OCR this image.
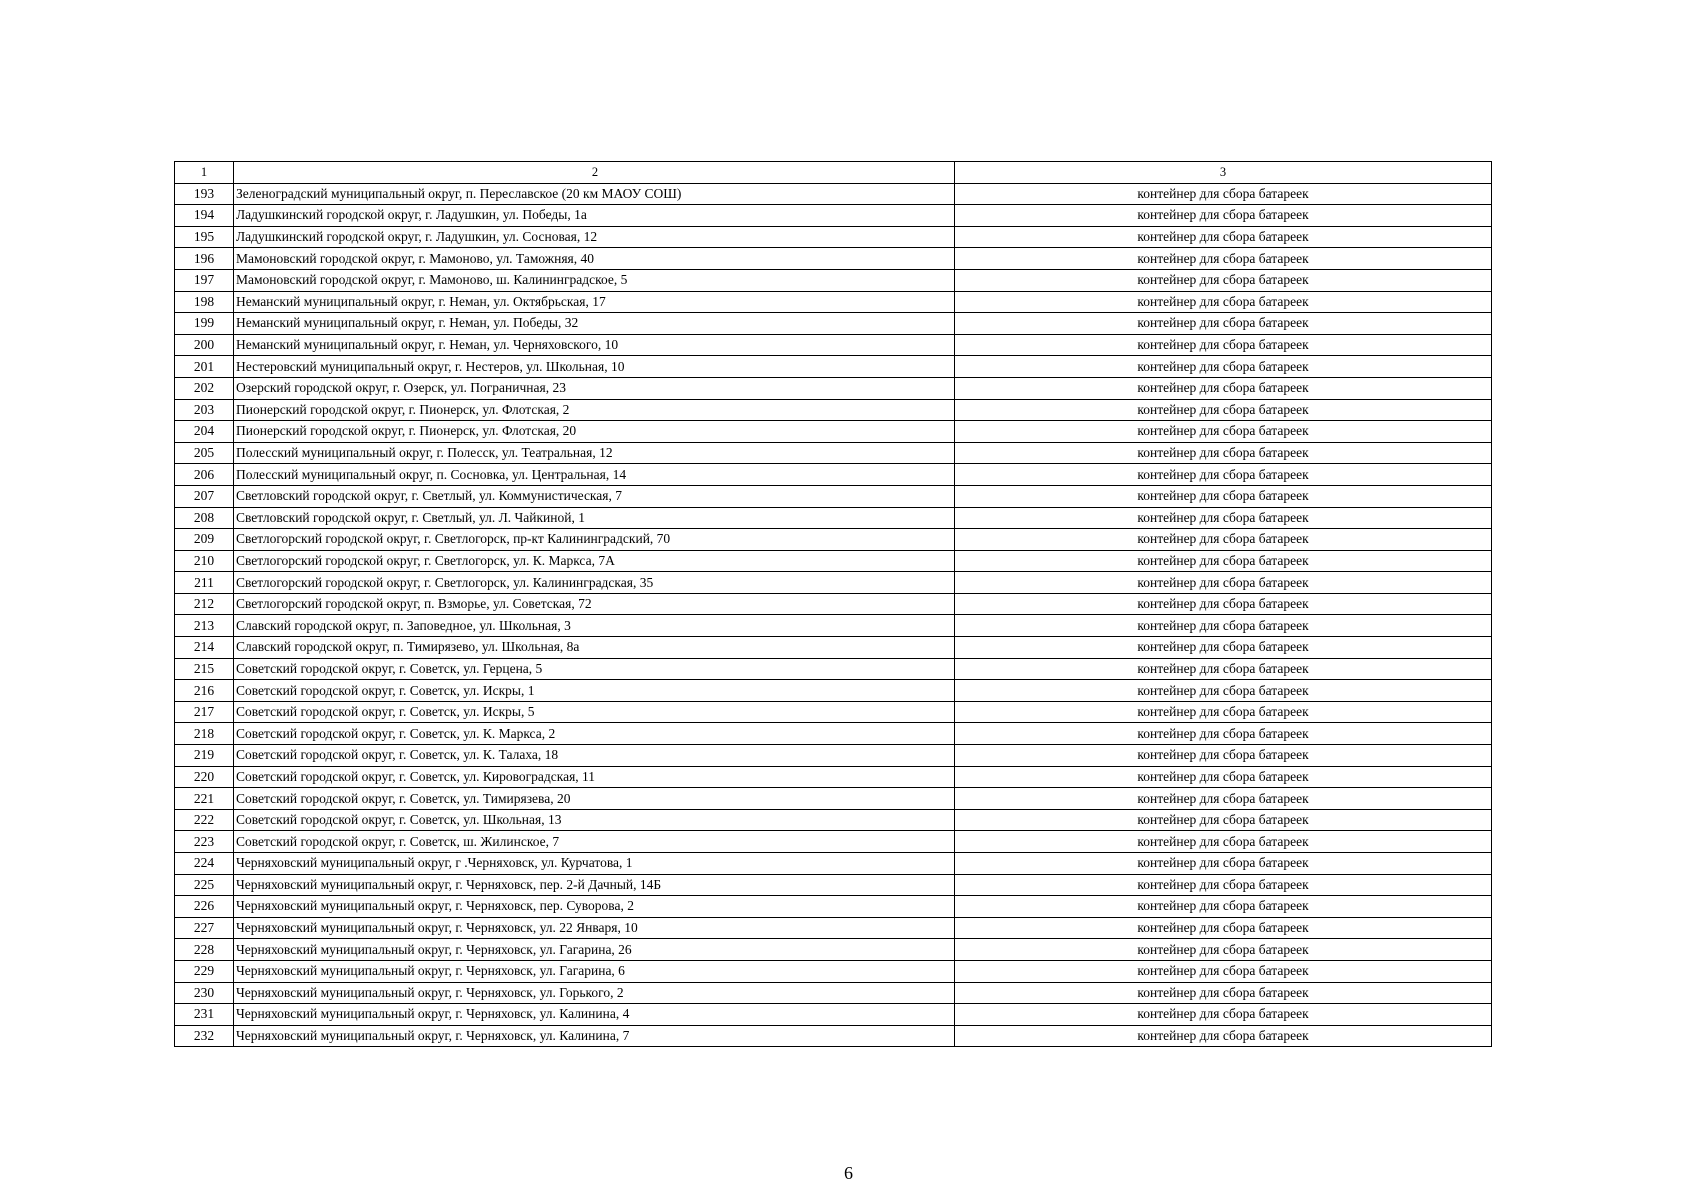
1	2	3
193	Зеленоградский муниципальный округ, п. Переславское (20 км МАОУ СОШ)	контейнер для сбора батареек
194	Ладушкинский городской округ, г. Ладушкин, ул. Победы, 1а	контейнер для сбора батареек
195	Ладушкинский городской округ, г. Ладушкин, ул. Сосновая, 12	контейнер для сбора батареек
196	Мамоновский городской округ, г. Мамоново, ул. Таможняя, 40	контейнер для сбора батареек
197	Мамоновский городской округ, г. Мамоново, ш. Калининградское, 5	контейнер для сбора батареек
198	Неманский муниципальный округ, г. Неман, ул. Октябрьская, 17	контейнер для сбора батареек
199	Неманский муниципальный округ, г. Неман, ул. Победы, 32	контейнер для сбора батареек
200	Неманский муниципальный округ, г. Неман, ул. Черняховского, 10	контейнер для сбора батареек
201	Нестеровский муниципальный округ, г. Нестеров, ул. Школьная, 10	контейнер для сбора батареек
202	Озерский городской округ, г. Озерск, ул. Пограничная, 23	контейнер для сбора батареек
203	Пионерский городской округ, г. Пионерск, ул. Флотская, 2	контейнер для сбора батареек
204	Пионерский городской округ, г. Пионерск, ул. Флотская, 20	контейнер для сбора батареек
205	Полесский муниципальный округ, г. Полесск, ул. Театральная, 12	контейнер для сбора батареек
206	Полесский муниципальный округ, п. Сосновка, ул. Центральная, 14	контейнер для сбора батареек
207	Светловский городской округ, г. Светлый, ул. Коммунистическая, 7	контейнер для сбора батареек
208	Светловский городской округ, г. Светлый, ул. Л. Чайкиной, 1	контейнер для сбора батареек
209	Светлогорский городской округ, г. Светлогорск, пр-кт Калининградский, 70	контейнер для сбора батареек
210	Светлогорский городской округ, г. Светлогорск, ул. К. Маркса, 7А	контейнер для сбора батареек
211	Светлогорский городской округ, г. Светлогорск, ул. Калининградская, 35	контейнер для сбора батареек
212	Светлогорский городской округ, п. Взморье, ул. Советская, 72	контейнер для сбора батареек
213	Славский городской округ, п. Заповедное, ул. Школьная, 3	контейнер для сбора батареек
214	Славский городской округ, п. Тимирязево, ул. Школьная, 8а	контейнер для сбора батареек
215	Советский городской округ, г. Советск, ул. Герцена, 5	контейнер для сбора батареек
216	Советский городской округ, г. Советск, ул. Искры, 1	контейнер для сбора батареек
217	Советский городской округ, г. Советск, ул. Искры, 5	контейнер для сбора батареек
218	Советский городской округ, г. Советск, ул. К. Маркса, 2	контейнер для сбора батареек
219	Советский городской округ, г. Советск, ул. К. Талаха, 18	контейнер для сбора батареек
220	Советский городской округ, г. Советск, ул. Кировоградская, 11	контейнер для сбора батареек
221	Советский городской округ, г. Советск, ул. Тимирязева, 20	контейнер для сбора батареек
222	Советский городской округ, г. Советск, ул. Школьная, 13	контейнер для сбора батареек
223	Советский городской округ, г. Советск, ш. Жилинское, 7	контейнер для сбора батареек
224	Черняховский муниципальный округ, г .Черняховск, ул. Курчатова, 1	контейнер для сбора батареек
225	Черняховский муниципальный округ, г. Черняховск, пер. 2-й Дачный, 14Б	контейнер для сбора батареек
226	Черняховский муниципальный округ, г. Черняховск, пер. Суворова, 2	контейнер для сбора батареек
227	Черняховский муниципальный округ, г. Черняховск, ул. 22 Января, 10	контейнер для сбора батареек
228	Черняховский муниципальный округ, г. Черняховск, ул. Гагарина, 26	контейнер для сбора батареек
229	Черняховский муниципальный округ, г. Черняховск, ул. Гагарина, 6	контейнер для сбора батареек
230	Черняховский муниципальный округ, г. Черняховск, ул. Горького, 2	контейнер для сбора батареек
231	Черняховский муниципальный округ, г. Черняховск, ул. Калинина, 4	контейнер для сбора батареек
232	Черняховский муниципальный округ, г. Черняховск, ул. Калинина, 7	контейнер для сбора батареек
6
